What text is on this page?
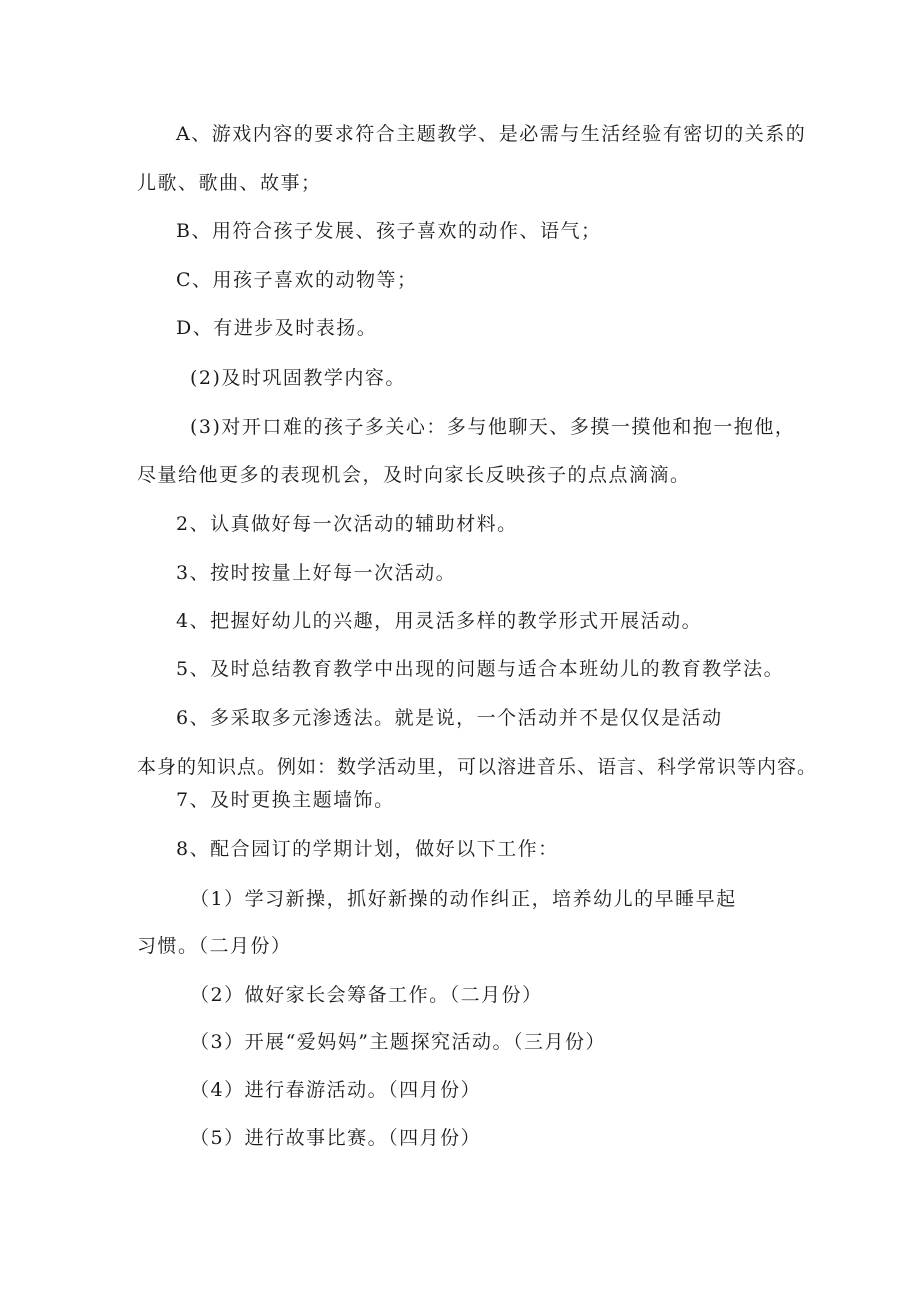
A、游戏内容的要求符合主题教学、是必需与生活经验有密切的关系的
儿歌、歌曲、故事；
B、用符合孩子发展、孩子喜欢的动作、语气；
C、用孩子喜欢的动物等；
D、有进步及时表扬。
(2)及时巩固教学内容。
(3)对开口难的孩子多关心：多与他聊天、多摸一摸他和抱一抱他，
尽量给他更多的表现机会，及时向家长反映孩子的点点滴滴。
2、认真做好每一次活动的辅助材料。
3、按时按量上好每一次活动。
4、把握好幼儿的兴趣，用灵活多样的教学形式开展活动。
5、及时总结教育教学中出现的问题与适合本班幼儿的教育教学法。
6、多采取多元渗透法。就是说，一个活动并不是仅仅是活动
本身的知识点。例如：数学活动里，可以溶进音乐、语言、科学常识等内容。
7、及时更换主题墙饰。
8、配合园订的学期计划，做好以下工作：
（1）学习新操，抓好新操的动作纠正，培养幼儿的早睡早起
习惯。（二月份）
（2）做好家长会筹备工作。（二月份）
（3）开展“爱妈妈”主题探究活动。（三月份）
（4）进行春游活动。（四月份）
（5）进行故事比赛。（四月份）
